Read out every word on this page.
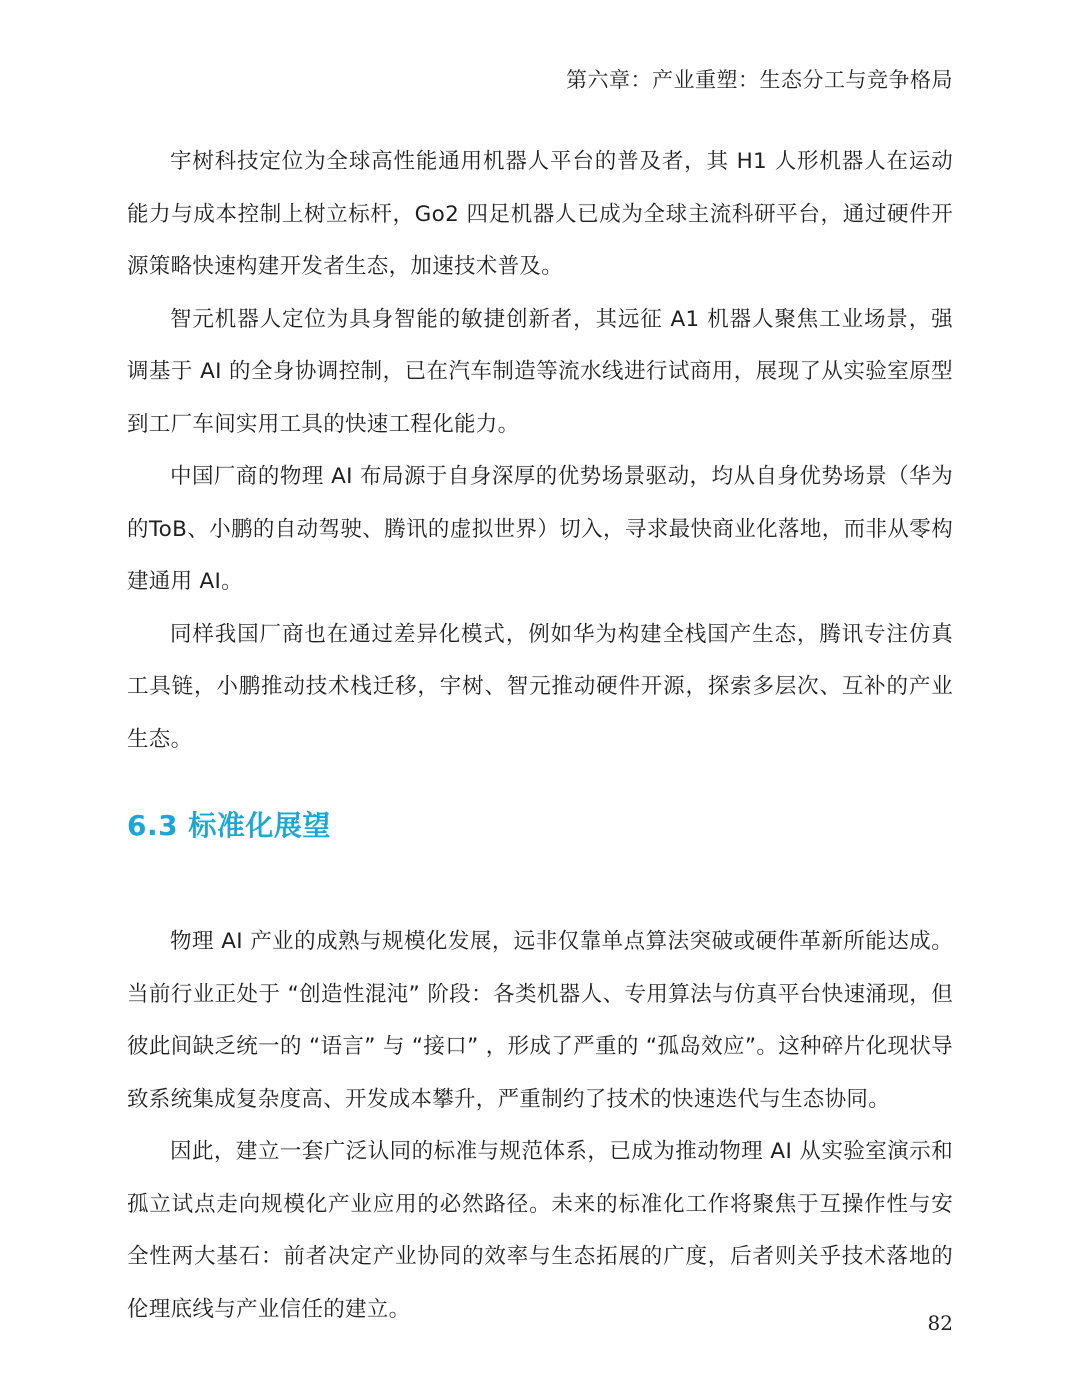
第六章：产业重塑：生态分工与竞争格局

宇树科技定位为全球高性能通用机器人平台的普及者，其 H1 人形机器人在运动能力与成本控制上树立标杆，Go2 四足机器人已成为全球主流科研平台，通过硬件开源策略快速构建开发者生态，加速技术普及。

智元机器人定位为具身智能的敏捷创新者，其远征 A1 机器人聚焦工业场景，强调基于 AI 的全身协调控制，已在汽车制造等流水线进行试商用，展现了从实验室原型到工厂车间实用工具的快速工程化能力。

中国厂商的物理 AI 布局源于自身深厚的优势场景驱动，均从自身优势场景（华为的ToB、小鹏的自动驾驶、腾讯的虚拟世界）切入，寻求最快商业化落地，而非从零构建通用 AI。

同样我国厂商也在通过差异化模式，例如华为构建全栈国产生态，腾讯专注仿真工具链，小鹏推动技术栈迁移，宇树、智元推动硬件开源，探索多层次、互补的产业生态。

6.3 标准化展望

物理 AI 产业的成熟与规模化发展，远非仅靠单点算法突破或硬件革新所能达成。当前行业正处于 “创造性混沌” 阶段：各类机器人、专用算法与仿真平台快速涌现，但彼此间缺乏统一的 “语言” 与 “接口” ，形成了严重的 “孤岛效应”。这种碎片化现状导致系统集成复杂度高、开发成本攀升，严重制约了技术的快速迭代与生态协同。

因此，建立一套广泛认同的标准与规范体系，已成为推动物理 AI 从实验室演示和孤立试点走向规模化产业应用的必然路径。未来的标准化工作将聚焦于互操作性与安全性两大基石：前者决定产业协同的效率与生态拓展的广度，后者则关乎技术落地的伦理底线与产业信任的建立。

82
